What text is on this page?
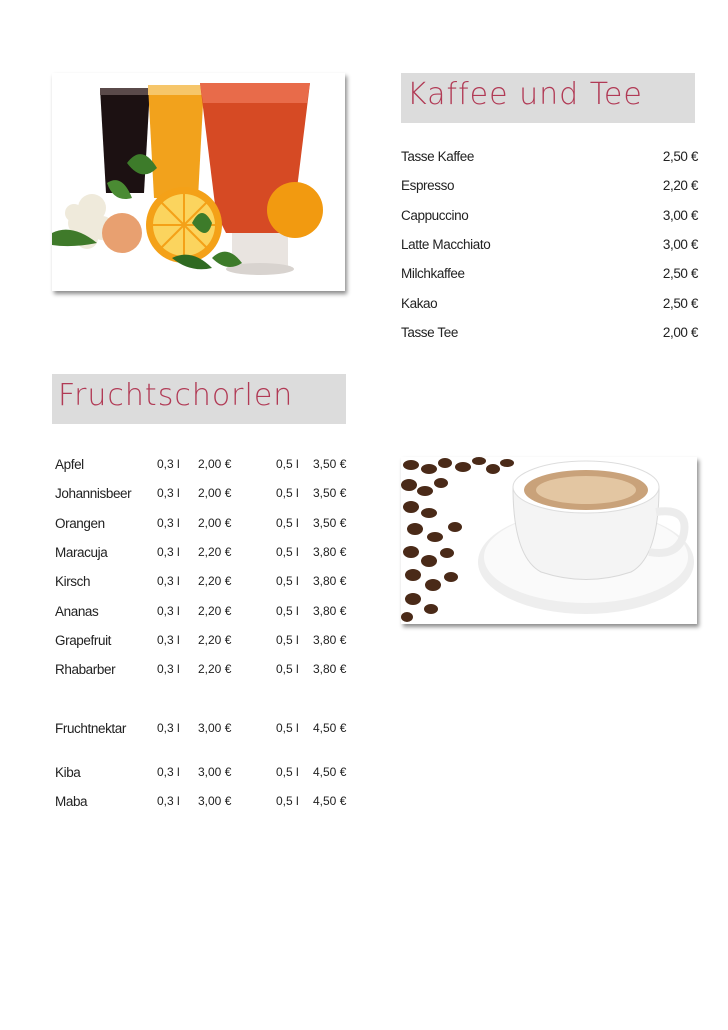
Kaffee und Tee
Tasse Kaffee	2,50 €
Espresso	2,20 €
Cappuccino	3,00 €
Latte Macchiato	3,00 €
Milchkaffee	2,50 €
Kakao	2,50 €
Tasse Tee	2,00 €
Fruchtschorlen
Apfel	0,3 l 2,00 €	0,5 l 3,50 €
Johannisbeer 0,3 l 2,00 €	0,5 l 3,50 €
Orangen	0,3 l 2,00 €	0,5 l 3,50 €
Maracuja	0,3 l 2,20 €	0,5 l 3,80 €
Kirsch	0,3 l 2,20 €	0,5 l 3,80 €
Ananas	0,3 l 2,20 €	0,5 l 3,80 €
Grapefruit	0,3 l 2,20 €	0,5 l 3,80 €
Rhabarber	0,3 l 2,20 €	0,5 l 3,80 €
Fruchtnektar	0,3 l 3,00 €	0,5 l 4,50 €
Kiba	0,3 l 3,00 €	0,5 l 4,50 €
Maba	0,3 l 3,00 €	0,5 l 4,50 €
